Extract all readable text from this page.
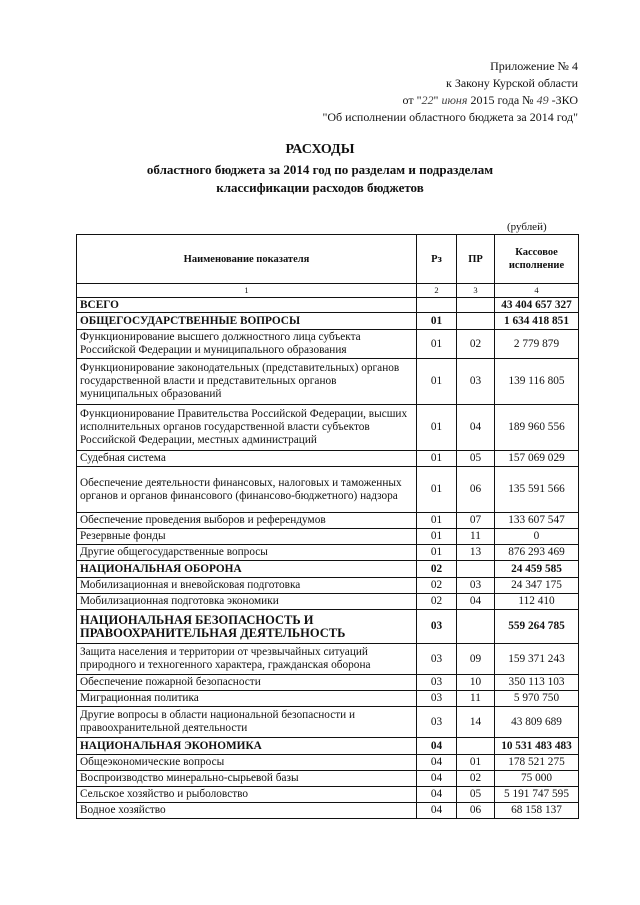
Приложение № 4
к Закону Курской области
от "22" июня 2015 года № 49 -ЗКО
"Об исполнении областного бюджета за 2014 год"
РАСХОДЫ
областного бюджета за 2014 год по разделам и подразделам
классификации расходов бюджетов
(рублей)
Наименование показателя	Рз	ПР	Кассовое исполнение
1	2	3	4
ВСЕГО			43 404 657 327
ОБЩЕГОСУДАРСТВЕННЫЕ ВОПРОСЫ	01		1 634 418 851
Функционирование высшего должностного лица субъекта Российской Федерации и муниципального образования	01	02	2 779 879
Функционирование законодательных (представительных) органов государственной власти и представительных органов муниципальных образований	01	03	139 116 805
Функционирование Правительства Российской Федерации, высших исполнительных органов государственной власти субъектов Российской Федерации, местных администраций	01	04	189 960 556
Судебная система	01	05	157 069 029
Обеспечение деятельности финансовых, налоговых и таможенных органов и органов финансового (финансово-бюджетного) надзора	01	06	135 591 566
Обеспечение проведения выборов и референдумов	01	07	133 607 547
Резервные фонды	01	11	0
Другие общегосударственные вопросы	01	13	876 293 469
НАЦИОНАЛЬНАЯ ОБОРОНА	02		24 459 585
Мобилизационная и вневойсковая подготовка	02	03	24 347 175
Мобилизационная подготовка экономики	02	04	112 410
НАЦИОНАЛЬНАЯ БЕЗОПАСНОСТЬ И ПРАВООХРАНИТЕЛЬНАЯ ДЕЯТЕЛЬНОСТЬ	03		559 264 785
Защита населения и территории от чрезвычайных ситуаций природного и техногенного характера, гражданская оборона	03	09	159 371 243
Обеспечение пожарной безопасности	03	10	350 113 103
Миграционная политика	03	11	5 970 750
Другие вопросы в области национальной безопасности и правоохранительной деятельности	03	14	43 809 689
НАЦИОНАЛЬНАЯ ЭКОНОМИКА	04		10 531 483 483
Общеэкономические вопросы	04	01	178 521 275
Воспроизводство минерально-сырьевой базы	04	02	75 000
Сельское хозяйство и рыболовство	04	05	5 191 747 595
Водное хозяйство	04	06	68 158 137
